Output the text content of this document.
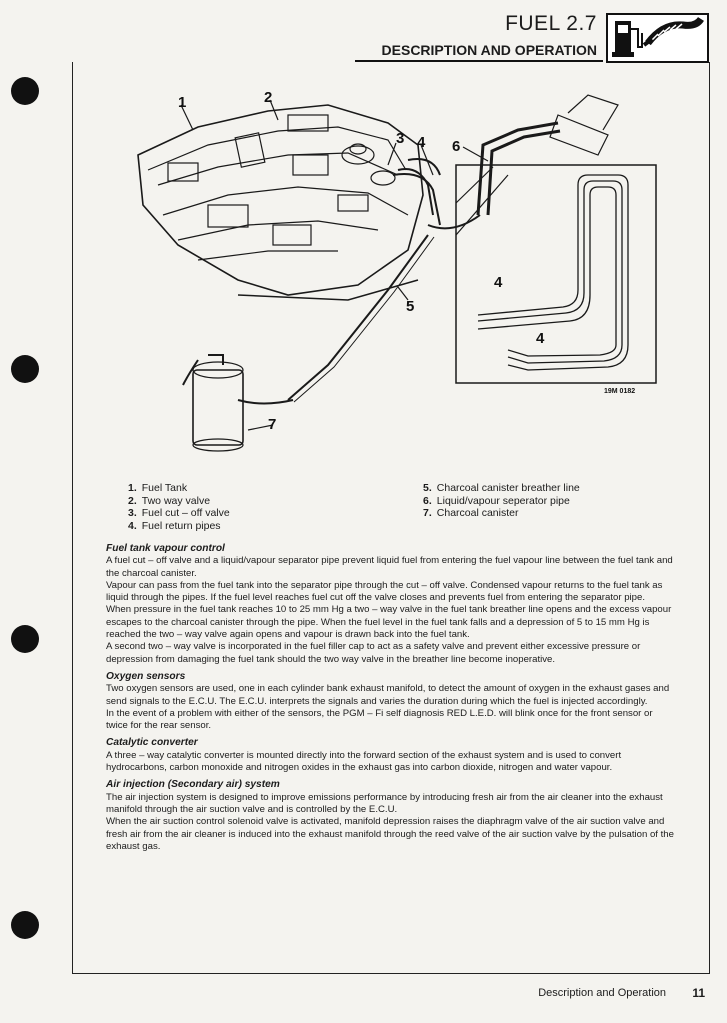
FUEL 2.7
DESCRIPTION AND OPERATION
1	2
3 4 6
5
7
4
4
19M 0182
1. Fuel Tank
2. Two way valve
3. Fuel cut – off valve
4. Fuel return pipes
5. Charcoal canister breather line
6. Liquid/vapour seperator pipe
7. Charcoal canister
Fuel tank vapour control

A fuel cut – off valve and a liquid/vapour separator pipe prevent liquid fuel from entering the fuel vapour line between the fuel tank and the charcoal canister.

Vapour can pass from the fuel tank into the separator pipe through the cut – off valve. Condensed vapour returns to the fuel tank as liquid through the pipes. If the fuel level reaches fuel cut off the valve closes and prevents fuel from entering the separator pipe.

When pressure in the fuel tank reaches 10 to 25 mm Hg a two – way valve in the fuel tank breather line opens and the excess vapour escapes to the charcoal canister through the pipe. When the fuel level in the fuel tank falls and a depression of 5 to 15 mm Hg is reached the two – way valve again opens and vapour is drawn back into the fuel tank.

A second two – way valve is incorporated in the fuel filler cap to act as a safety valve and prevent either excessive pressure or depression from damaging the fuel tank should the two way valve in the breather line become inoperative.

Oxygen sensors

Two oxygen sensors are used, one in each cylinder bank exhaust manifold, to detect the amount of oxygen in the exhaust gases and send signals to the E.C.U. The E.C.U. interprets the signals and varies the duration during which the fuel is injected accordingly.

In the event of a problem with either of the sensors, the PGM – Fi self diagnosis RED L.E.D. will blink once for the front sensor or twice for the rear sensor.

Catalytic converter

A three – way catalytic converter is mounted directly into the forward section of the exhaust system and is used to convert hydrocarbons, carbon monoxide and nitrogen oxides in the exhaust gas into carbon dioxide, nitrogen and water vapour.

Air injection (Secondary air) system

The air injection system is designed to improve emissions performance by introducing fresh air from the air cleaner into the exhaust manifold through the air suction valve and is controlled by the E.C.U.

When the air suction control solenoid valve is activated, manifold depression raises the diaphragm valve of the air suction valve and fresh air from the air cleaner is induced into the exhaust manifold through the reed valve of the air suction valve by the pulsation of the exhaust gas.

Description and Operation 11
